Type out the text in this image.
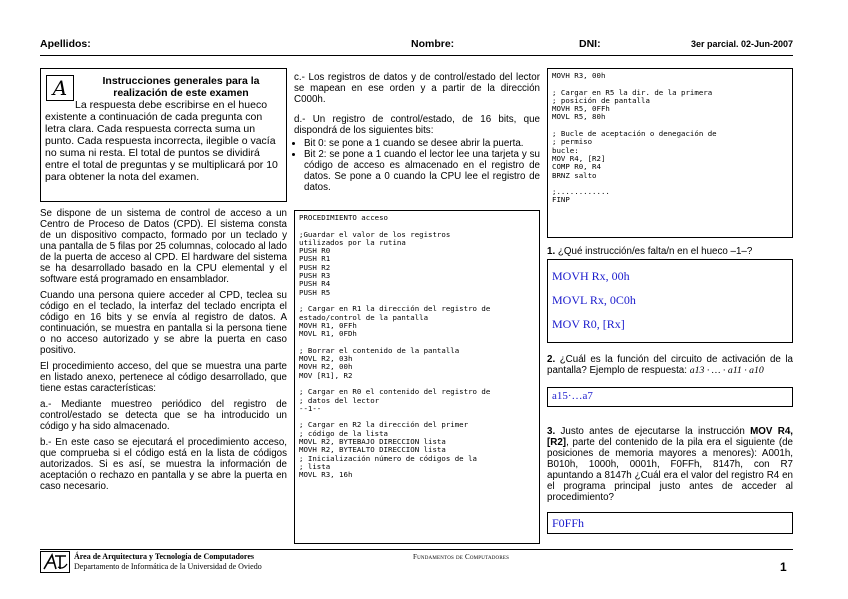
Apellidos:	Nombre:	DNI:	3er parcial. 02-Jun-2007
A	Instrucciones generales para la realización de este examen
La respuesta debe escribirse en el hueco existente a continuación de cada pregunta con letra clara. Cada respuesta correcta suma un punto. Cada respuesta incorrecta, ilegible o vacía no suma ni resta. El total de puntos se dividirá entre el total de preguntas y se multiplicará por 10 para obtener la nota del examen.

Se dispone de un sistema de control de acceso a un Centro de Proceso de Datos (CPD). El sistema consta de un dispositivo compacto, formado por un teclado y una pantalla de 5 filas por 25 columnas, colocado al lado de la puerta de acceso al CPD. El hardware del sistema se ha desarrollado basado en la CPU elemental y el software está programado en ensamblador.

Cuando una persona quiere acceder al CPD, teclea su código en el teclado, la interfaz del teclado encripta el código en 16 bits y se envía al registro de datos. A continuación, se muestra en pantalla si la persona tiene o no acceso autorizado y se abre la puerta en caso positivo.

El procedimiento acceso, del que se muestra una parte en listado anexo, pertenece al código desarrollado, que tiene estas características:

a.- Mediante muestreo periódico del registro de control/estado se detecta que se ha introducido un código y ha sido almacenado.

b.- En este caso se ejecutará el procedimiento acceso, que comprueba si el código está en la lista de códigos autorizados. Si es así, se muestra la información de aceptación o rechazo en pantalla y se abre la puerta en caso necesario.

c.- Los registros de datos y de control/estado del lector se mapean en ese orden y a partir de la dirección C000h.

d.- Un registro de control/estado, de 16 bits, que dispondrá de los siguientes bits:

• Bit 0: se pone a 1 cuando se desee abrir la puerta.
• Bit 2: se pone a 1 cuando el lector lee una tarjeta y su código de acceso es almacenado en el registro de datos. Se pone a 0 cuando la CPU lee el registro de datos.
PROCEDIMIENTO acceso

;Guardar el valor de los registros
utilizados por la rutina
PUSH R0
PUSH R1
PUSH R2
PUSH R3
PUSH R4
PUSH R5

; Cargar en R1 la dirección del registro de
estado/control de la pantalla
MOVH R1, 0FFh
MOVL R1, 0FDh

; Borrar el contenido de la pantalla
MOVL R2, 03h
MOVH R2, 00h
MOV [R1], R2

; Cargar en R0 el contenido del registro de
; datos del lector
--1--

; Cargar en R2 la dirección del primer
; código de la lista
MOVL R2, BYTEBAJO DIRECCION lista
MOVH R2, BYTEALTO DIRECCION lista
; Inicialización número de códigos de la
; lista
MOVL R3, 16h
MOVH R3, 00h

; Cargar en R5 la dir. de la primera
; posición de pantalla
MOVH R5, 0FFh
MOVL R5, 80h

; Bucle de aceptación o denegación de
; permiso
bucle:
MOV R4, [R2]
COMP R0, R4
BRNZ salto

;............
FINP
1. ¿Qué instrucción/es falta/n en el hueco –1–?
MOVH Rx, 00h
MOVL Rx, 0C0h
MOV R0, [Rx]
2. ¿Cuál es la función del circuito de activación de la pantalla? Ejemplo de respuesta: a13 · … · a11 · a10
a15·…a7
3. Justo antes de ejecutarse la instrucción MOV R4, [R2], parte del contenido de la pila era el siguiente (de posiciones de memoria mayores a menores): A001h, B010h, 1000h, 0001h, F0FFh, 8147h, con R7 apuntando a 8147h ¿Cuál era el valor del registro R4 en el programa principal justo antes de acceder al procedimiento?
F0FFh
Área de Arquitectura y Tecnología de Computadores
Departamento de Informática de la Universidad de Oviedo
Fundamentos de Computadores
1
